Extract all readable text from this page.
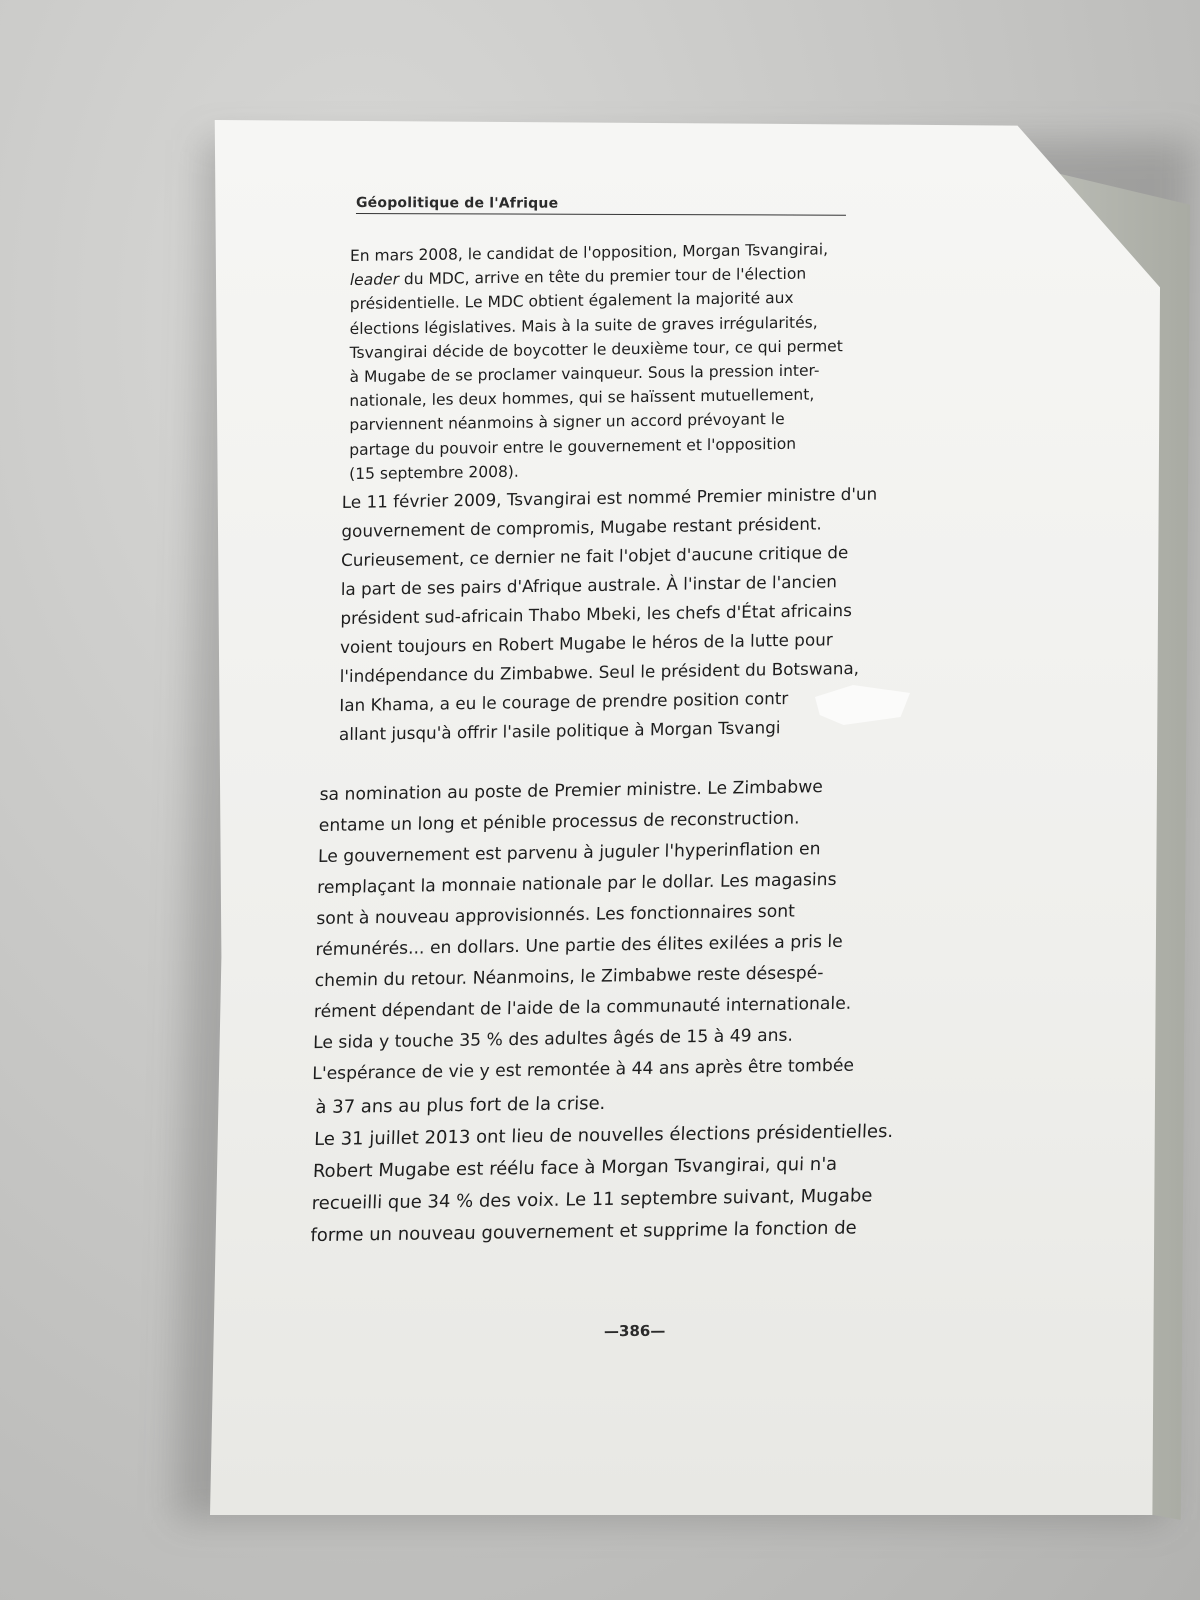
Géopolitique de l'Afrique
En mars 2008, le candidat de l'opposition, Morgan Tsvangirai,
leader du MDC, arrive en tête du premier tour de l'élection
présidentielle. Le MDC obtient également la majorité aux
élections législatives. Mais à la suite de graves irrégularités,
Tsvangirai décide de boycotter le deuxième tour, ce qui permet
à Mugabe de se proclamer vainqueur. Sous la pression inter-
nationale, les deux hommes, qui se haïssent mutuellement,
parviennent néanmoins à signer un accord prévoyant le
partage du pouvoir entre le gouvernement et l'opposition
(15 septembre 2008).
Le 11 février 2009, Tsvangirai est nommé Premier ministre d'un
gouvernement de compromis, Mugabe restant président.
Curieusement, ce dernier ne fait l'objet d'aucune critique de
la part de ses pairs d'Afrique australe. À l'instar de l'ancien
président sud-africain Thabo Mbeki, les chefs d'État africains
voient toujours en Robert Mugabe le héros de la lutte pour
l'indépendance du Zimbabwe. Seul le président du Botswana,
Ian Khama, a eu le courage de prendre position contr
allant jusqu'à offrir l'asile politique à Morgan Tsvangi
sa nomination au poste de Premier ministre. Le Zimbabwe
entame un long et pénible processus de reconstruction.
Le gouvernement est parvenu à juguler l'hyperinflation en
remplaçant la monnaie nationale par le dollar. Les magasins
sont à nouveau approvisionnés. Les fonctionnaires sont
rémunérés... en dollars. Une partie des élites exilées a pris le
chemin du retour. Néanmoins, le Zimbabwe reste désespé-
rément dépendant de l'aide de la communauté internationale.
Le sida y touche 35 % des adultes âgés de 15 à 49 ans.
L'espérance de vie y est remontée à 44 ans après être tombée
à 37 ans au plus fort de la crise.
Le 31 juillet 2013 ont lieu de nouvelles élections présidentielles.
Robert Mugabe est réélu face à Morgan Tsvangirai, qui n'a
recueilli que 34 % des voix. Le 11 septembre suivant, Mugabe
forme un nouveau gouvernement et supprime la fonction de
—386—
